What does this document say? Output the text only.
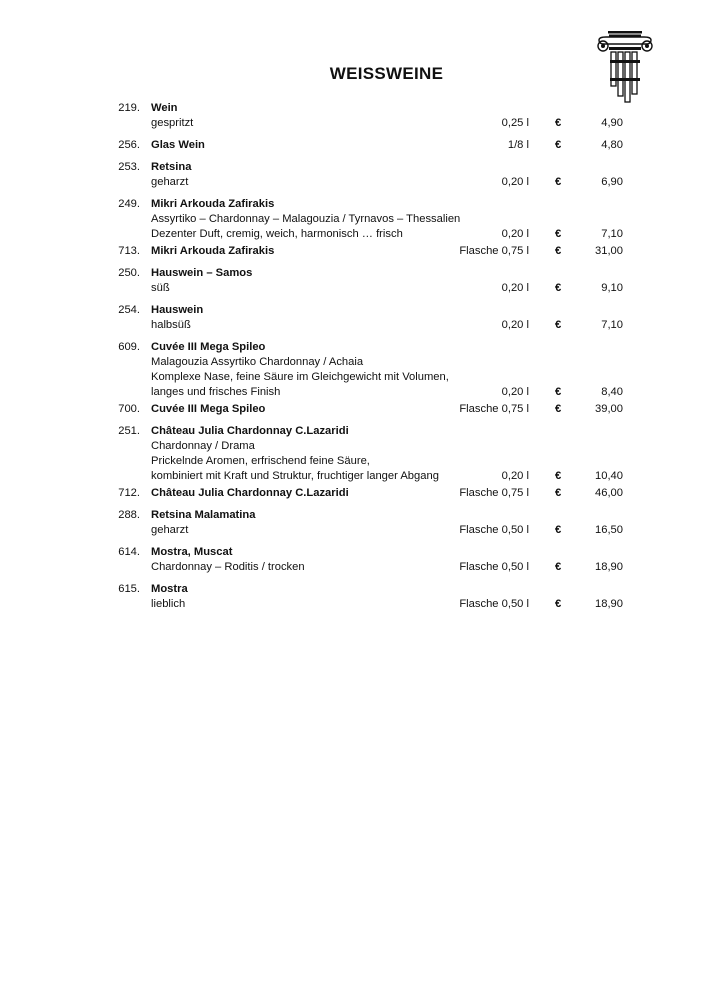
WEISSWEINE
219. Wein
gespritzt	0,25 l €	4,90
256. Glas Wein	1/8 l €	4,80
253. Retsina
geharzt	0,20 l €	6,90
249. Mikri Arkouda Zafirakis
Assyrtiko – Chardonnay – Malagouzia / Tyrnavos – Thessalien
Dezenter Duft, cremig, weich, harmonisch … frisch	0,20 l €	7,10
713. Mikri Arkouda Zafirakis	Flasche 0,75 l €	31,00
250. Hauswein – Samos
süß	0,20 l €	9,10
254. Hauswein
halbsüß	0,20 l €	7,10
609. Cuvée III Mega Spileo
Malagouzia Assyrtiko Chardonnay / Achaia
Komplexe Nase, feine Säure im Gleichgewicht mit Volumen,
langes und frisches Finish	0,20 l €	8,40
700. Cuvée III Mega Spileo	Flasche 0,75 l €	39,00
251. Château Julia Chardonnay C.Lazaridi
Chardonnay / Drama
Prickelnde Aromen, erfrischend feine Säure,
kombiniert mit Kraft und Struktur, fruchtiger langer Abgang	0,20 l €	10,40
712. Château Julia Chardonnay C.Lazaridi	Flasche 0,75 l €	46,00
288. Retsina Malamatina
geharzt	Flasche 0,50 l €	16,50
614. Mostra, Muscat
Chardonnay – Roditis / trocken	Flasche 0,50 l €	18,90
615. Mostra
lieblich	Flasche 0,50 l €	18,90
